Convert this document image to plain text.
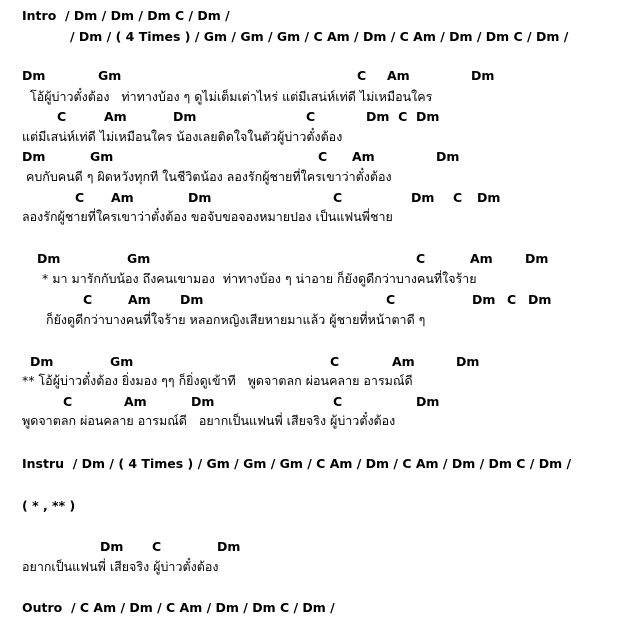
Intro  / Dm / Dm / Dm C / Dm /
/ Dm / ( 4 Times ) / Gm / Gm / Gm / C Am / Dm / C Am / Dm / Dm C / Dm /

Dm

	Gm

	C

Am

	Dm

โอ้ผู้บ่าวตั๋งต้อง   ท่าทางบ้อง ๆ ดูไม่เต็มเต่าไหร่ แต่มีเสน่ห์เท่ดี ไม่เหมือนใคร

C

	Am

	Dm

	C

	Dm  C  Dm

แต่มีเสน่ห์เท่ดี ไม่เหมือนใคร น้องเลยติดใจในตัวผู้บ่าวตั๋งต้อง

Dm

	Gm

	C

Am

	Dm

คบกับคนดี ๆ ผิดหวังทุกที ในชีวิตน้อง ลองรักผู้ชายที่ใครเขาว่าตั๋งต้อง

C

Am

	Dm

	C

	Dm

C

Dm

ลองรักผู้ชายที่ใครเขาว่าตั๋งต้อง ขอจับขอจองหมายปอง เป็นแฟนพี่ชาย

Dm

	Gm

	C

	Am

	Dm

* มา มารักกับน้อง ถึงคนเขามอง  ท่าทางบ้อง ๆ น่าอาย ก็ยังดูดีกว่าบางคนที่ใจร้าย

C

	Am

Dm

	C

	Dm

C

Dm

ก็ยังดูดีกว่าบางคนที่ใจร้าย หลอกหญิงเสียหายมาแล้ว ผู้ชายที่หน้าตาดี ๆ

Dm

	Gm

	C

	Am

	Dm

** โอ้ผู้บ่าวตั๋งต้อง ยิ่งมอง ๆๆ ก็ยิ่งดูเข้าที   พูดจาตลก ผ่อนคลาย อารมณ์ดี

C

	Am

	Dm

	C

	Dm

พูดจาตลก ผ่อนคลาย อารมณ์ดี   อยากเป็นแฟนพี่ เสียจริง ผู้บ่าวตั๋งต้อง
Instru  / Dm / ( 4 Times ) / Gm / Gm / Gm / C Am / Dm / C Am / Dm / Dm C / Dm /
( * , ** )

Dm

C

	Dm

อยากเป็นแฟนพี่ เสียจริง ผู้บ่าวตั๋งต้อง
Outro  / C Am / Dm / C Am / Dm / Dm C / Dm /
